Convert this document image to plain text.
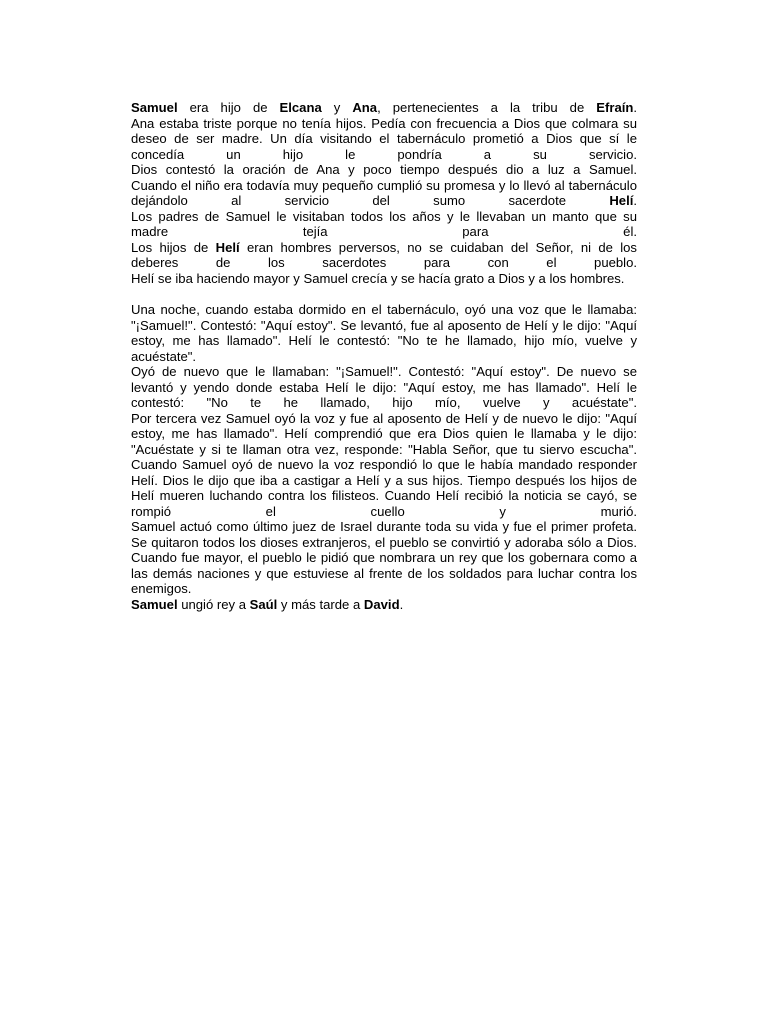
Samuel era hijo de Elcana y Ana, pertenecientes a la tribu de Efraín.
Ana estaba triste porque no tenía hijos. Pedía con frecuencia a Dios que colmara su
deseo de ser madre. Un día visitando el tabernáculo prometió a Dios que sí le
concedía un hijo le pondría a su servicio.
Dios contestó la oración de Ana y poco tiempo después dio a luz a Samuel.
Cuando el niño era todavía muy pequeño cumplió su promesa y lo llevó al tabernáculo
dejándolo al servicio del sumo sacerdote Helí.
Los padres de Samuel le visitaban todos los años y le llevaban un manto que su
madre tejía para él.
Los hijos de Helí eran hombres perversos, no se cuidaban del Señor, ni de los
deberes de los sacerdotes para con el pueblo.
Helí se iba haciendo mayor y Samuel crecía y se hacía grato a Dios y a los hombres.
Una noche, cuando estaba dormido en el tabernáculo, oyó una voz que le llamaba:
"¡Samuel!". Contestó: "Aquí estoy". Se levantó, fue al aposento de Helí y le dijo: "Aquí
estoy, me has llamado". Helí le contestó: "No te he llamado, hijo mío, vuelve y
acuéstate".
Oyó de nuevo que le llamaban: "¡Samuel!". Contestó: "Aquí estoy". De nuevo se
levantó y yendo donde estaba Helí le dijo: "Aquí estoy, me has llamado". Helí le
contestó: "No te he llamado, hijo mío, vuelve y acuéstate".
Por tercera vez Samuel oyó la voz y fue al aposento de Helí y de nuevo le dijo: "Aquí
estoy, me has llamado". Helí comprendió que era Dios quien le llamaba y le dijo:
"Acuéstate y si te llaman otra vez, responde: "Habla Señor, que tu siervo escucha".
Cuando Samuel oyó de nuevo la voz respondió lo que le había mandado responder
Helí. Dios le dijo que iba a castigar a Helí y a sus hijos. Tiempo después los hijos de
Helí mueren luchando contra los filisteos. Cuando Helí recibió la noticia se cayó, se
rompió el cuello y murió.
Samuel actuó como último juez de Israel durante toda su vida y fue el primer profeta.
Se quitaron todos los dioses extranjeros, el pueblo se convirtió y adoraba sólo a Dios.
Cuando fue mayor, el pueblo le pidió que nombrara un rey que los gobernara como a
las demás naciones y que estuviese al frente de los soldados para luchar contra los
enemigos.
Samuel ungió rey a Saúl y más tarde a David.
